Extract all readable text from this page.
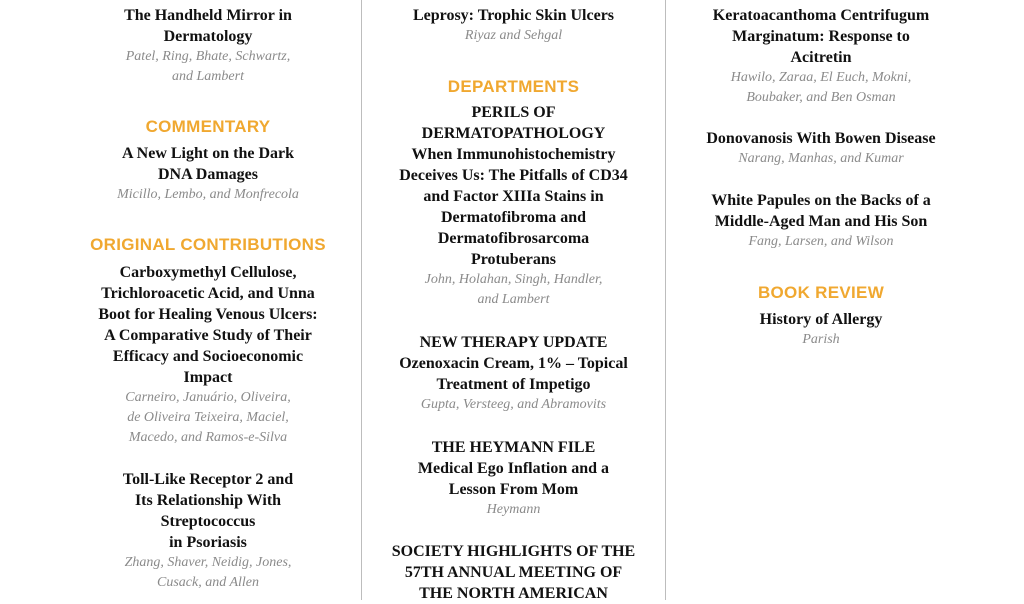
The Handheld Mirror in
Dermatology
Patel, Ring, Bhate, Schwartz,
and Lambert
COMMENTARY
A New Light on the Dark
DNA Damages
Micillo, Lembo, and Monfrecola
ORIGINAL CONTRIBUTIONS
Carboxymethyl Cellulose,
Trichloroacetic Acid, and Unna
Boot for Healing Venous Ulcers:
A Comparative Study of Their
Efficacy and Socioeconomic
Impact
Carneiro, Januário, Oliveira,
de Oliveira Teixeira, Maciel,
Macedo, and Ramos-e-Silva
Toll-Like Receptor 2 and
Its Relationship With
Streptococcus
in Psoriasis
Zhang, Shaver, Neidig, Jones,
Cusack, and Allen
Leprosy: Trophic Skin Ulcers
Riyaz and Sehgal
DEPARTMENTS
PERILS OF
DERMATOPATHOLOGY
When Immunohistochemistry
Deceives Us: The Pitfalls of CD34
and Factor XIIIa Stains in
Dermatofibroma and
Dermatofibrosarcoma
Protuberans
John, Holahan, Singh, Handler,
and Lambert
NEW THERAPY UPDATE
Ozenoxacin Cream, 1% – Topical
Treatment of Impetigo
Gupta, Versteeg, and Abramovits
THE HEYMANN FILE
Medical Ego Inflation and a
Lesson From Mom
Heymann
SOCIETY HIGHLIGHTS OF THE
57TH ANNUAL MEETING OF
THE NORTH AMERICAN
Keratoacanthoma Centrifugum
Marginatum: Response to
Acitretin
Hawilo, Zaraa, El Euch, Mokni,
Boubaker, and Ben Osman
Donovanosis With Bowen Disease
Narang, Manhas, and Kumar
White Papules on the Backs of a
Middle-Aged Man and His Son
Fang, Larsen, and Wilson
BOOK REVIEW
History of Allergy
Parish
